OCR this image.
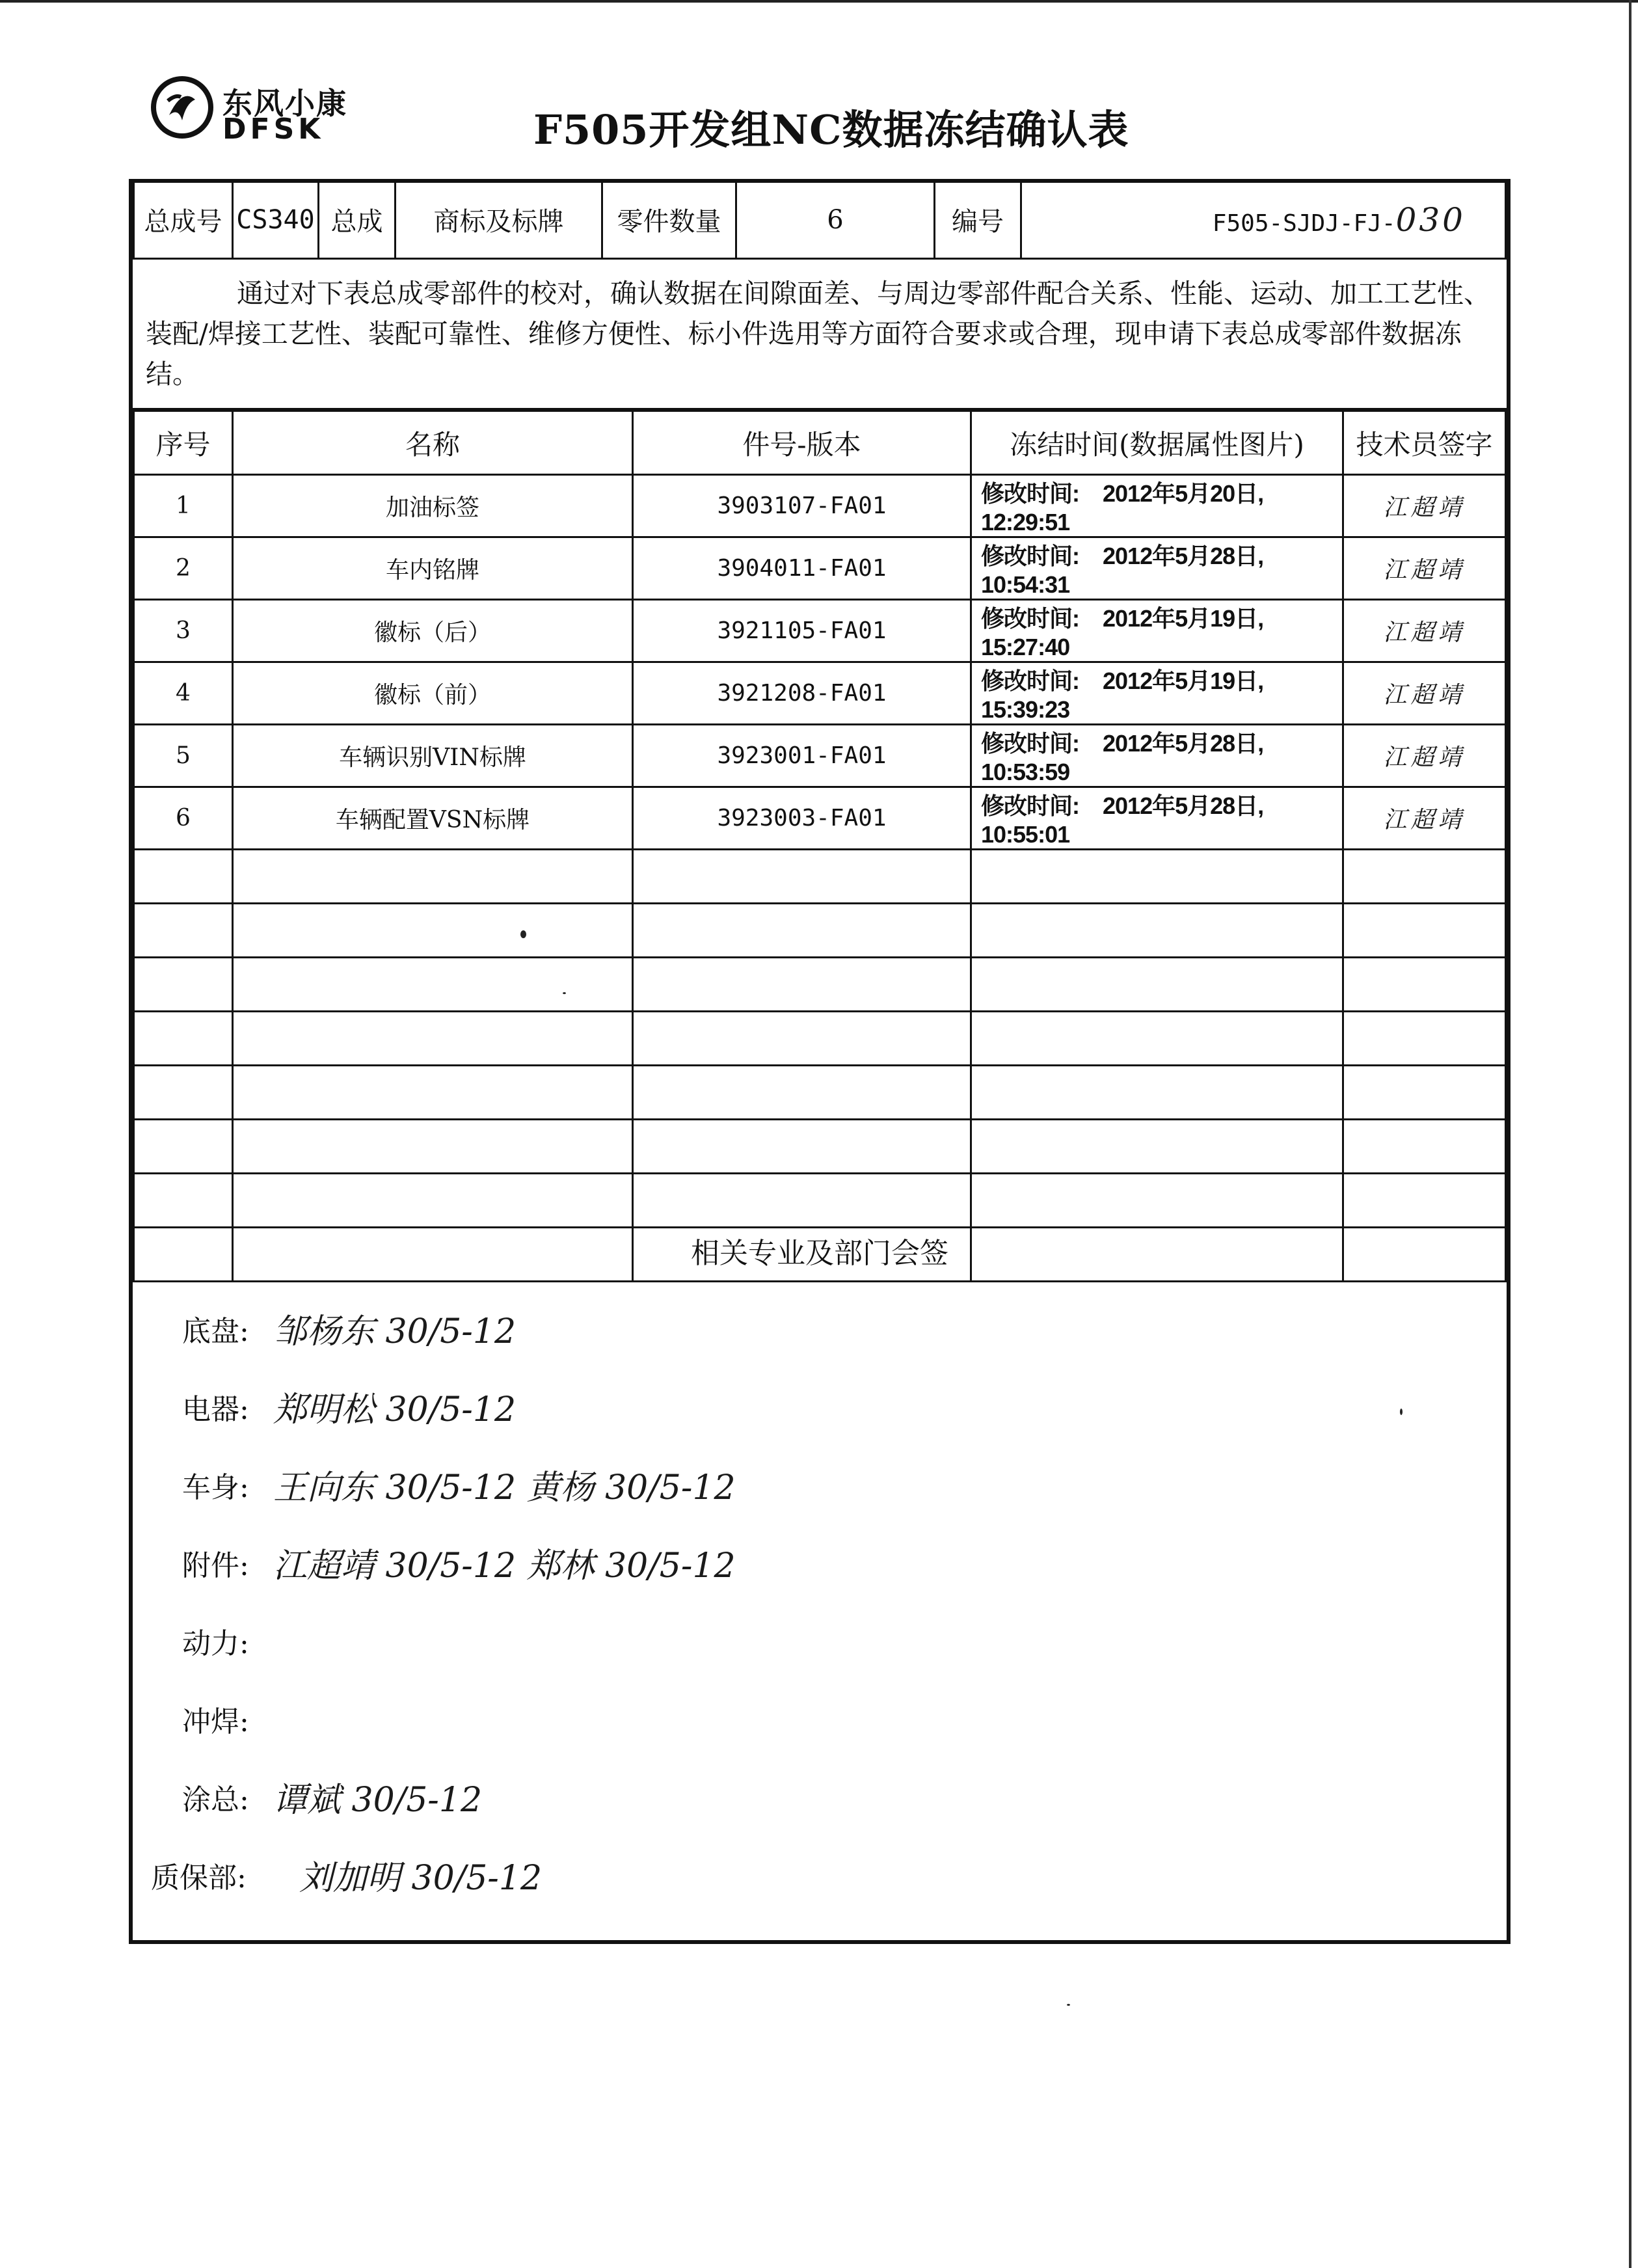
东风小康
DFSK	F505开发组NC数据冻结确认表
总成号	CS340	总成	商标及标牌	零件数量	6	编号	F505-SJDJ-FJ-030
通过对下表总成零部件的校对，确认数据在间隙面差、与周边零部件配合关系、性能、运动、加工工艺性、装配/焊接工艺性、装配可靠性、维修方便性、标小件选用等方面符合要求或合理，现申请下表总成零部件数据冻结。
序号	名称	件号-版本	冻结时间(数据属性图片)	技术员签字
1	加油标签	3903107-FA01	修改时间: 2012年5月20日, 12:29:51	江超靖
2	车内铭牌	3904011-FA01	修改时间: 2012年5月28日, 10:54:31	江超靖
3	徽标（后）	3921105-FA01	修改时间: 2012年5月19日, 15:27:40	江超靖
4	徽标（前）	3921208-FA01	修改时间: 2012年5月19日, 15:39:23	江超靖
5	车辆识别VIN标牌	3923001-FA01	修改时间: 2012年5月28日, 10:53:59	江超靖
6	车辆配置VSN标牌	3923003-FA01	修改时间: 2012年5月28日, 10:55:01	江超靖

相关专业及部门会签
底盘: 邹杨东 30/5-12
电器: 郑明松 30/5-12
车身: 王向东 30/5-12 黄杨 30/5-12
附件: 江超靖 30/5-12 郑林 30/5-12
动力:
冲焊:
涂总: 谭斌 30/5-12
质保部: 刘加明 30/5-12
